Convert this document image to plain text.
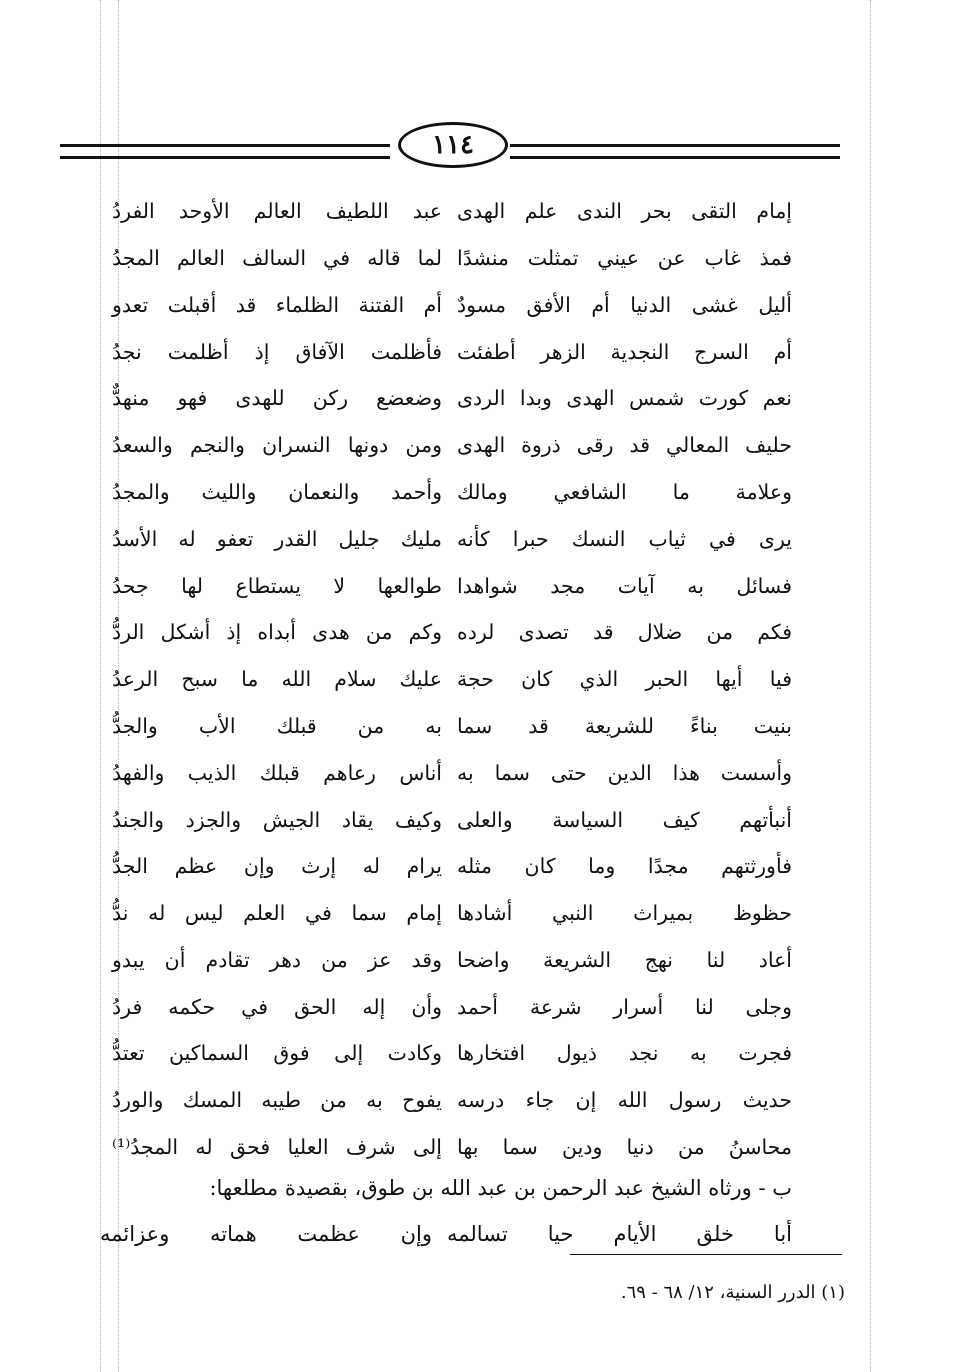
١١٤
إمام التقى بحر الندى علم الهدى
عبد اللطيف العالم الأوحد الفردُ
فمذ غاب عن عيني تمثلت منشدًا
لما قاله في السالف العالم المجدُ
أليل غشى الدنيا أم الأفق مسودٌ
أم الفتنة الظلماء قد أقبلت تعدو
أم السرج النجدية الزهر أطفئت
فأظلمت الآفاق إذ أظلمت نجدُ
نعم كورت شمس الهدى وبدا الردى
وضعضع ركن للهدى فهو منهدٌّ
حليف المعالي قد رقى ذروة الهدى
ومن دونها النسران والنجم والسعدُ
وعلامة ما الشافعي ومالك
وأحمد والنعمان والليث والمجدُ
يرى في ثياب النسك حبرا كأنه
مليك جليل القدر تعفو له الأسدُ
فسائل به آيات مجد شواهدا
طوالعها لا يستطاع لها جحدُ
فكم من ضلال قد تصدى لرده
وكم من هدى أبداه إذ أشكل الردُّ
فيا أيها الحبر الذي كان حجة
عليك سلام الله ما سبح الرعدُ
بنيت بناءً للشريعة قد سما
به من قبلك الأب والجدُّ
وأسست هذا الدين حتى سما به
أناس رعاهم قبلك الذيب والفهدُ
أنبأتهم كيف السياسة والعلى
وكيف يقاد الجيش والجزد والجندُ
فأورثتهم مجدًا وما كان مثله
يرام له إرث وإن عظم الجدُّ
حظوظ بميراث النبي أشادها
إمام سما في العلم ليس له ندُّ
أعاد لنا نهج الشريعة واضحا
وقد عز من دهر تقادم أن يبدو
وجلى لنا أسرار شرعة أحمد
وأن إله الحق في حكمه فردُ
فجرت به نجد ذيول افتخارها
وكادت إلى فوق السماكين تعتدُّ
حديث رسول الله إن جاء درسه
يفوح به من طيبه المسك والوردُ
محاسنُ من دنيا ودين سما بها
إلى شرف العليا فحق له المجدُ⁽¹⁾
ب - ورثاه الشيخ عبد الرحمن بن عبد الله بن طوق، بقصيدة مطلعها:
أبا خلق الأيام حيا تسالمه
وإن عظمت هماته وعزائمه
(١) الدرر السنية، ١٢/ ٦٨ - ٦٩.
